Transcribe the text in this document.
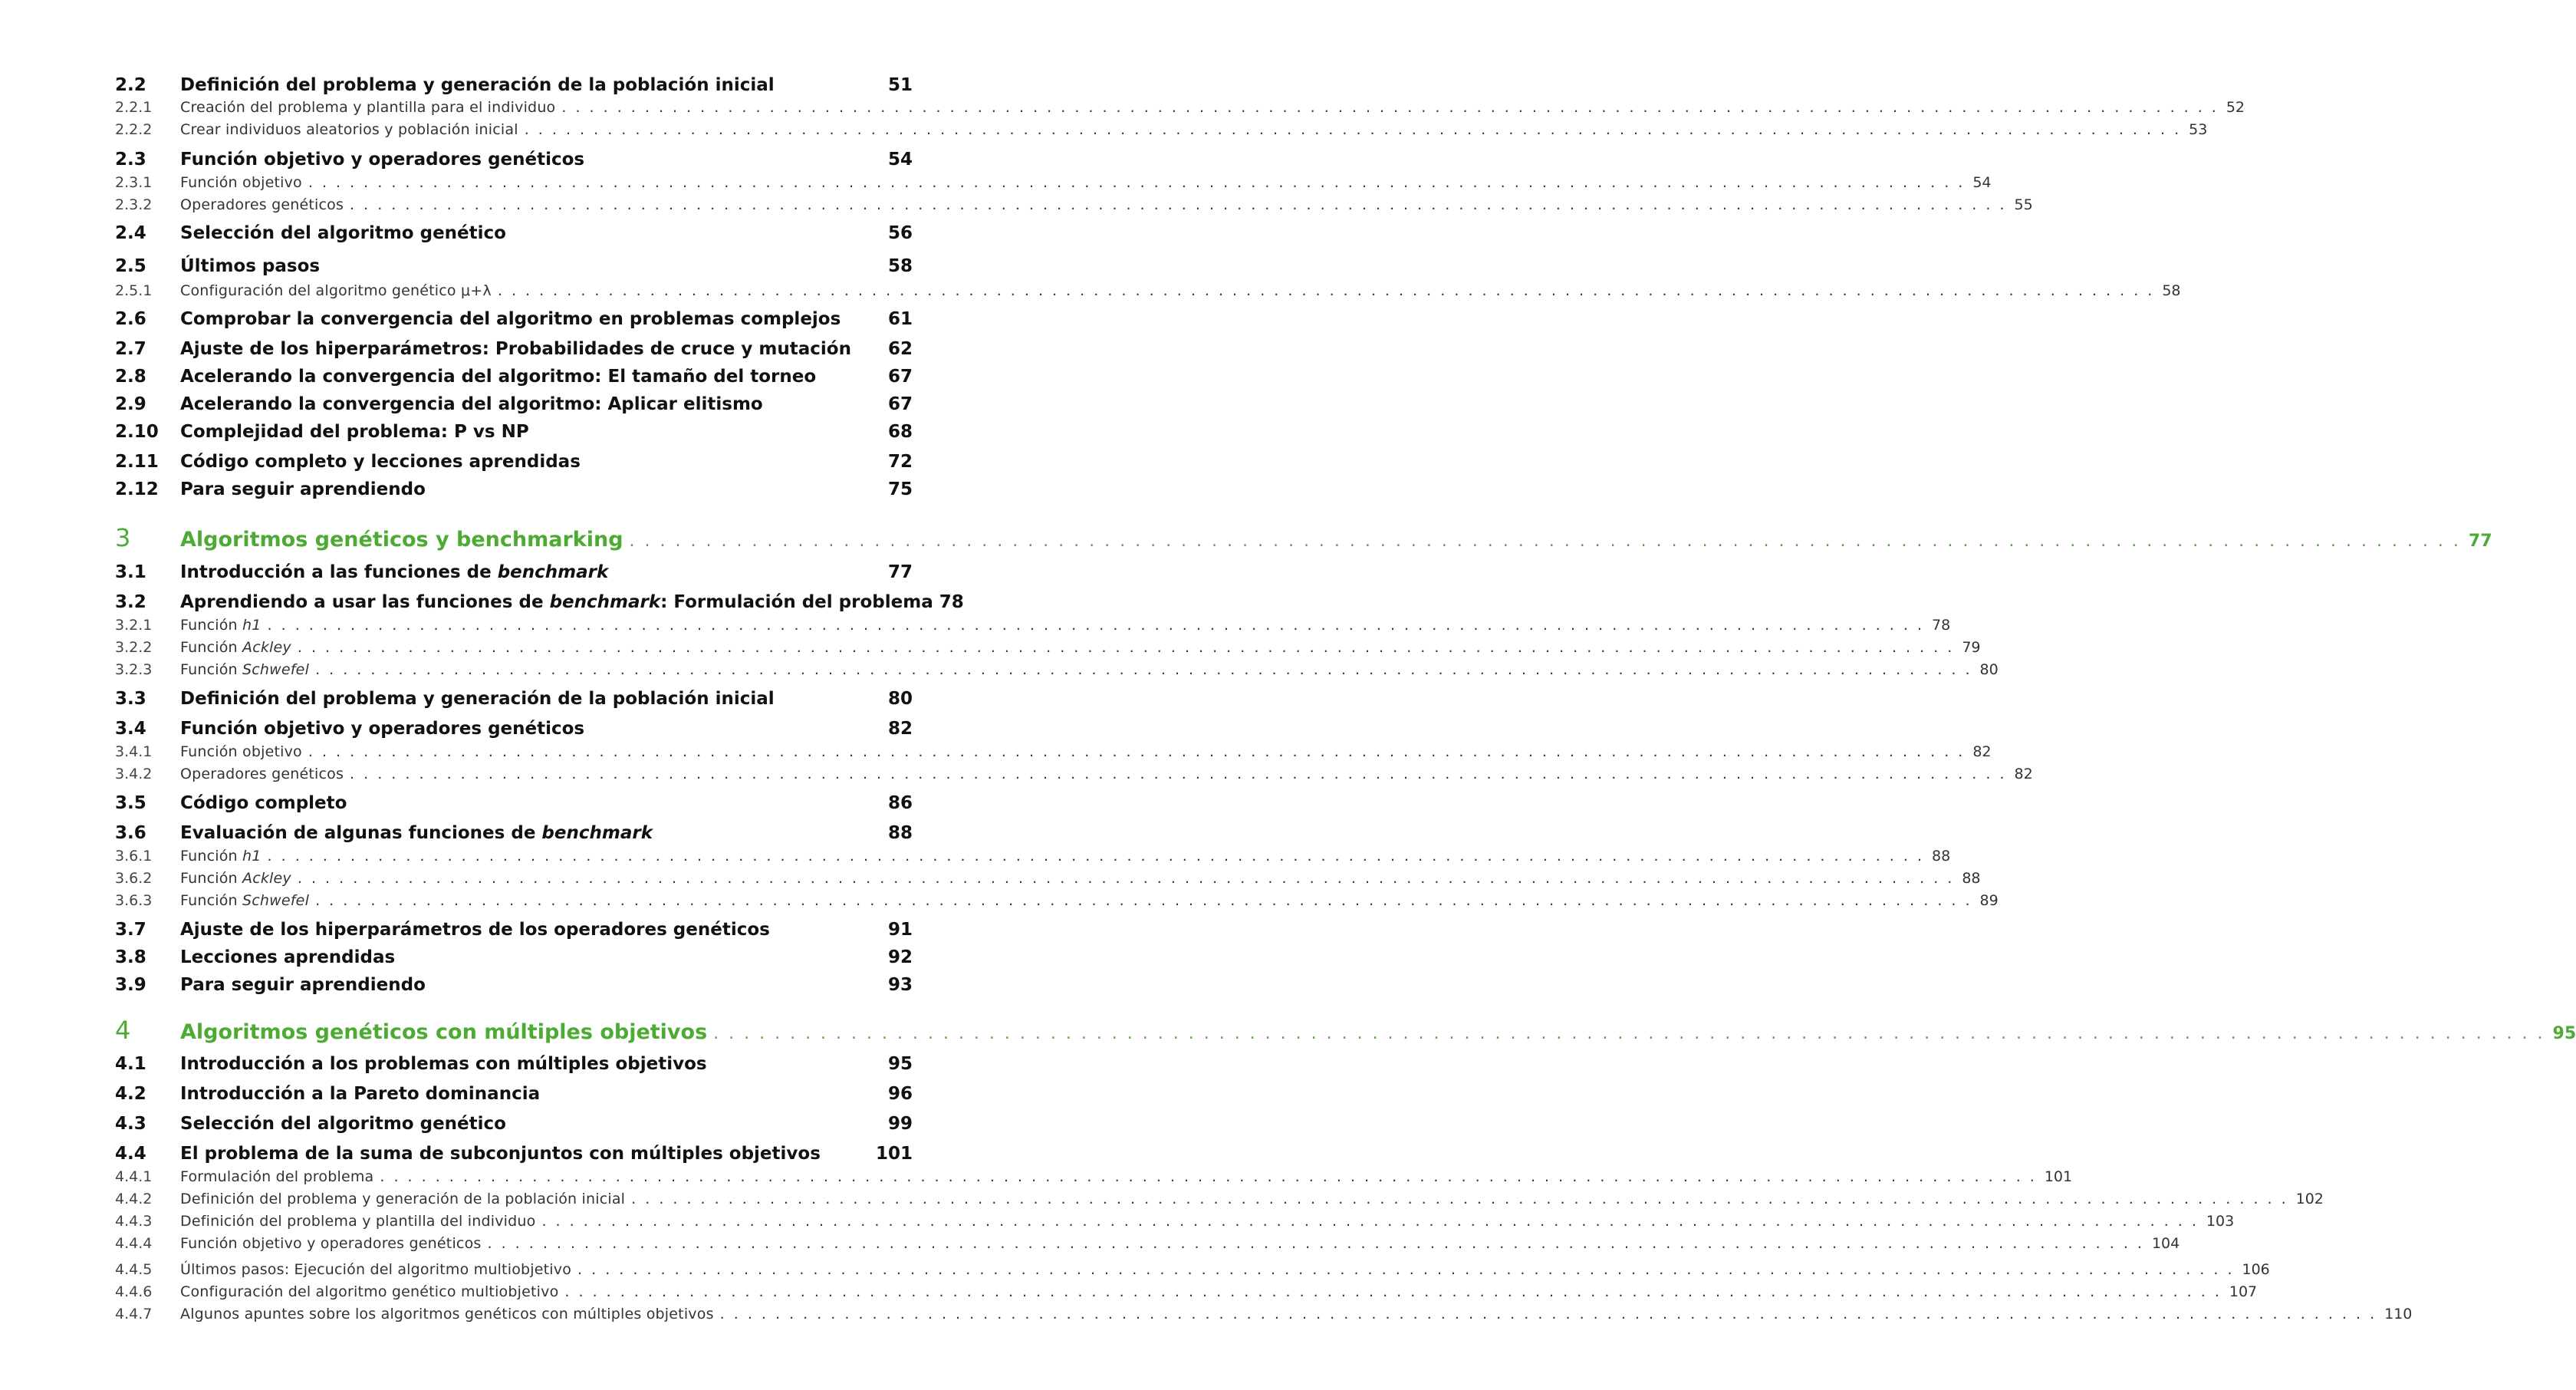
2.2	Definición del problema y generación de la población inicial	51
2.2.1	Creación del problema y plantilla para el individuo . . . . . . . . . . . . . . . . . . . . . . . . . . . . . . . . . . . . . . . . . . . . . . . . . . . . . . . . . . . . . . . . . . . . . . . . . . . . . . . . . . . . . . . . . . . . . . . . . . . . . . . . . . . . . . . . . . . . . . . . 52
2.2.2	Crear individuos aleatorios y población inicial . . . . . . . . . . . . . . . . . . . . . . . . . . . . . . . . . . . . . . . . . . . . . . . . . . . . . . . . . . . . . . . . . . . . . . . . . . . . . . . . . . . . . . . . . . . . . . . . . . . . . . . . . . . . . . . . . . . . . . . . 53
2.3	Función objetivo y operadores genéticos	54
2.3.1	Función objetivo . . . . . . . . . . . . . . . . . . . . . . . . . . . . . . . . . . . . . . . . . . . . . . . . . . . . . . . . . . . . . . . . . . . . . . . . . . . . . . . . . . . . . . . . . . . . . . . . . . . . . . . . . . . . . . . . . . . . . . . . 54
2.3.2	Operadores genéticos . . . . . . . . . . . . . . . . . . . . . . . . . . . . . . . . . . . . . . . . . . . . . . . . . . . . . . . . . . . . . . . . . . . . . . . . . . . . . . . . . . . . . . . . . . . . . . . . . . . . . . . . . . . . . . . . . . . . . . . . 55
2.4	Selección del algoritmo genético	56
2.5	Últimos pasos	58
2.5.1	Configuración del algoritmo genético μ+λ . . . . . . . . . . . . . . . . . . . . . . . . . . . . . . . . . . . . . . . . . . . . . . . . . . . . . . . . . . . . . . . . . . . . . . . . . . . . . . . . . . . . . . . . . . . . . . . . . . . . . . . . . . . . . . . . . . . . . . . . 58
2.6	Comprobar la convergencia del algoritmo en problemas complejos	61
2.7	Ajuste de los hiperparámetros: Probabilidades de cruce y mutación	62
2.8	Acelerando la convergencia del algoritmo: El tamaño del torneo	67
2.9	Acelerando la convergencia del algoritmo: Aplicar elitismo	67
2.10	Complejidad del problema: P vs NP	68
2.11	Código completo y lecciones aprendidas	72
2.12	Para seguir aprendiendo	75
3	Algoritmos genéticos y benchmarking . . . . . . . . . . . . . . . . . . . . . . . . . . . . . . . . . . . . . . . . . . . . . . . . . . . . . . . . . . . . . . . . . . . . . . . . . . . . . . . . . . . . . . . . . . . . . . . . . . . . . . . . . . . . . . . . . . . . . . . . 77
3.1	Introducción a las funciones de benchmark	77
3.2	Aprendiendo a usar las funciones de benchmark: Formulación del problema 78
3.2.1	Función h1 . . . . . . . . . . . . . . . . . . . . . . . . . . . . . . . . . . . . . . . . . . . . . . . . . . . . . . . . . . . . . . . . . . . . . . . . . . . . . . . . . . . . . . . . . . . . . . . . . . . . . . . . . . . . . . . . . . . . . . . . 78
3.2.2	Función Ackley . . . . . . . . . . . . . . . . . . . . . . . . . . . . . . . . . . . . . . . . . . . . . . . . . . . . . . . . . . . . . . . . . . . . . . . . . . . . . . . . . . . . . . . . . . . . . . . . . . . . . . . . . . . . . . . . . . . . . . . . 79
3.2.3	Función Schwefel . . . . . . . . . . . . . . . . . . . . . . . . . . . . . . . . . . . . . . . . . . . . . . . . . . . . . . . . . . . . . . . . . . . . . . . . . . . . . . . . . . . . . . . . . . . . . . . . . . . . . . . . . . . . . . . . . . . . . . . . 80
3.3	Definición del problema y generación de la población inicial	80
3.4	Función objetivo y operadores genéticos	82
3.4.1	Función objetivo . . . . . . . . . . . . . . . . . . . . . . . . . . . . . . . . . . . . . . . . . . . . . . . . . . . . . . . . . . . . . . . . . . . . . . . . . . . . . . . . . . . . . . . . . . . . . . . . . . . . . . . . . . . . . . . . . . . . . . . . 82
3.4.2	Operadores genéticos . . . . . . . . . . . . . . . . . . . . . . . . . . . . . . . . . . . . . . . . . . . . . . . . . . . . . . . . . . . . . . . . . . . . . . . . . . . . . . . . . . . . . . . . . . . . . . . . . . . . . . . . . . . . . . . . . . . . . . . . 82
3.5	Código completo	86
3.6	Evaluación de algunas funciones de benchmark	88
3.6.1	Función h1 . . . . . . . . . . . . . . . . . . . . . . . . . . . . . . . . . . . . . . . . . . . . . . . . . . . . . . . . . . . . . . . . . . . . . . . . . . . . . . . . . . . . . . . . . . . . . . . . . . . . . . . . . . . . . . . . . . . . . . . . 88
3.6.2	Función Ackley . . . . . . . . . . . . . . . . . . . . . . . . . . . . . . . . . . . . . . . . . . . . . . . . . . . . . . . . . . . . . . . . . . . . . . . . . . . . . . . . . . . . . . . . . . . . . . . . . . . . . . . . . . . . . . . . . . . . . . . . 88
3.6.3	Función Schwefel . . . . . . . . . . . . . . . . . . . . . . . . . . . . . . . . . . . . . . . . . . . . . . . . . . . . . . . . . . . . . . . . . . . . . . . . . . . . . . . . . . . . . . . . . . . . . . . . . . . . . . . . . . . . . . . . . . . . . . . . 89
3.7	Ajuste de los hiperparámetros de los operadores genéticos	91
3.8	Lecciones aprendidas	92
3.9	Para seguir aprendiendo	93
4	Algoritmos genéticos con múltiples objetivos . . . . . . . . . . . . . . . . . . . . . . . . . . . . . . . . . . . . . . . . . . . . . . . . . . . . . . . . . . . . . . . . . . . . . . . . . . . . . . . . . . . . . . . . . . . . . . . . . . . . . . . . . . . . . . . . . . . . . . . . 95
4.1	Introducción a los problemas con múltiples objetivos	95
4.2	Introducción a la Pareto dominancia	96
4.3	Selección del algoritmo genético	99
4.4	El problema de la suma de subconjuntos con múltiples objetivos	101
4.4.1	Formulación del problema . . . . . . . . . . . . . . . . . . . . . . . . . . . . . . . . . . . . . . . . . . . . . . . . . . . . . . . . . . . . . . . . . . . . . . . . . . . . . . . . . . . . . . . . . . . . . . . . . . . . . . . . . . . . . . . . . . . . . . . . 101
4.4.2	Definición del problema y generación de la población inicial . . . . . . . . . . . . . . . . . . . . . . . . . . . . . . . . . . . . . . . . . . . . . . . . . . . . . . . . . . . . . . . . . . . . . . . . . . . . . . . . . . . . . . . . . . . . . . . . . . . . . . . . . . . . . . . . . . . . . . . . 102
4.4.3	Definición del problema y plantilla del individuo . . . . . . . . . . . . . . . . . . . . . . . . . . . . . . . . . . . . . . . . . . . . . . . . . . . . . . . . . . . . . . . . . . . . . . . . . . . . . . . . . . . . . . . . . . . . . . . . . . . . . . . . . . . . . . . . . . . . . . . . 103
4.4.4	Función objetivo y operadores genéticos . . . . . . . . . . . . . . . . . . . . . . . . . . . . . . . . . . . . . . . . . . . . . . . . . . . . . . . . . . . . . . . . . . . . . . . . . . . . . . . . . . . . . . . . . . . . . . . . . . . . . . . . . . . . . . . . . . . . . . . . 104
4.4.5	Últimos pasos: Ejecución del algoritmo multiobjetivo . . . . . . . . . . . . . . . . . . . . . . . . . . . . . . . . . . . . . . . . . . . . . . . . . . . . . . . . . . . . . . . . . . . . . . . . . . . . . . . . . . . . . . . . . . . . . . . . . . . . . . . . . . . . . . . . . . . . . . . . 106
4.4.6	Configuración del algoritmo genético multiobjetivo . . . . . . . . . . . . . . . . . . . . . . . . . . . . . . . . . . . . . . . . . . . . . . . . . . . . . . . . . . . . . . . . . . . . . . . . . . . . . . . . . . . . . . . . . . . . . . . . . . . . . . . . . . . . . . . . . . . . . . . . 107
4.4.7	Algunos apuntes sobre los algoritmos genéticos con múltiples objetivos . . . . . . . . . . . . . . . . . . . . . . . . . . . . . . . . . . . . . . . . . . . . . . . . . . . . . . . . . . . . . . . . . . . . . . . . . . . . . . . . . . . . . . . . . . . . . . . . . . . . . . . . . . . . . . . . . . . . . . . . 110
